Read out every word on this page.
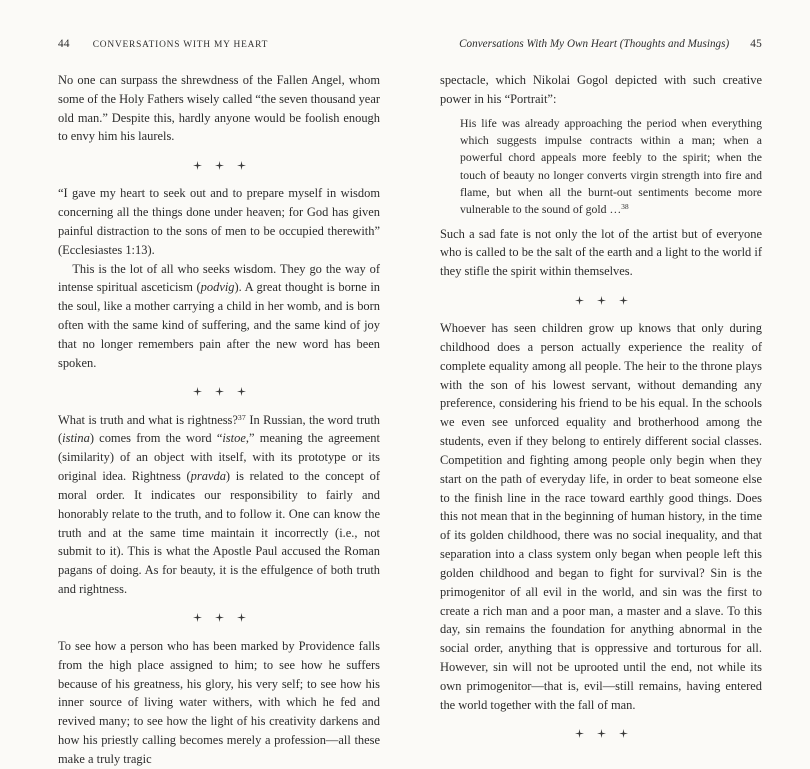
44 CONVERSATIONS WITH MY HEART

No one can surpass the shrewdness of the Fallen Angel, whom some of the Holy Fathers wisely called “the seven thousand year old man.” Despite this, hardly anyone would be foolish enough to envy him his laurels.

“I gave my heart to seek out and to prepare myself in wisdom concerning all the things done under heaven; for God has given painful distraction to the sons of men to be occupied therewith” (Ecclesiastes 1:13).

This is the lot of all who seeks wisdom. They go the way of intense spiritual asceticism (podvig). A great thought is borne in the soul, like a mother carrying a child in her womb, and is born often with the same kind of suffering, and the same kind of joy that no longer remembers pain after the new word has been spoken.

What is truth and what is rightness?$^{37}$ In Russian, the word truth (istina) comes from the word “istoe,” meaning the agreement (similarity) of an object with itself, with its prototype or its original idea. Rightness (pravda) is related to the concept of moral order. It indicates our responsibility to fairly and honorably relate to the truth, and to follow it. One can know the truth and at the same time maintain it incorrectly (i.e., not submit to it). This is what the Apostle Paul accused the Roman pagans of doing. As for beauty, it is the effulgence of both truth and rightness.

To see how a person who has been marked by Providence falls from the high place assigned to him; to see how he suffers because of his greatness, his glory, his very self; to see how his inner source of living water withers, with which he fed and revived many; to see how the light of his creativity darkens and how his priestly calling becomes merely a profession—all these make a truly tragic

Conversations With My Own Heart (Thoughts and Musings) 45

spectacle, which Nikolai Gogol depicted with such creative power in his “Portrait”:

His life was already approaching the period when everything which suggests impulse contracts within a man; when a powerful chord appeals more feebly to the spirit; when the touch of beauty no longer converts virgin strength into fire and flame, but when all the burnt-out sentiments become more vulnerable to the sound of gold …$^{38}$

Such a sad fate is not only the lot of the artist but of everyone who is called to be the salt of the earth and a light to the world if they stifle the spirit within themselves.

Whoever has seen children grow up knows that only during childhood does a person actually experience the reality of complete equality among all people. The heir to the throne plays with the son of his lowest servant, without demanding any preference, considering his friend to be his equal. In the schools we even see unforced equality and brotherhood among the students, even if they belong to entirely different social classes. Competition and fighting among people only begin when they start on the path of everyday life, in order to beat someone else to the finish line in the race toward earthly good things. Does this not mean that in the beginning of human history, in the time of its golden childhood, there was no social inequality, and that separation into a class system only began when people left this golden childhood and began to fight for survival? Sin is the primogenitor of all evil in the world, and sin was the first to create a rich man and a poor man, a master and a slave. To this day, sin remains the foundation for anything abnormal in the social order, anything that is oppressive and torturous for all. However, sin will not be uprooted until the end, not while its own primogenitor—that is, evil—still remains, having entered the world together with the fall of man.
